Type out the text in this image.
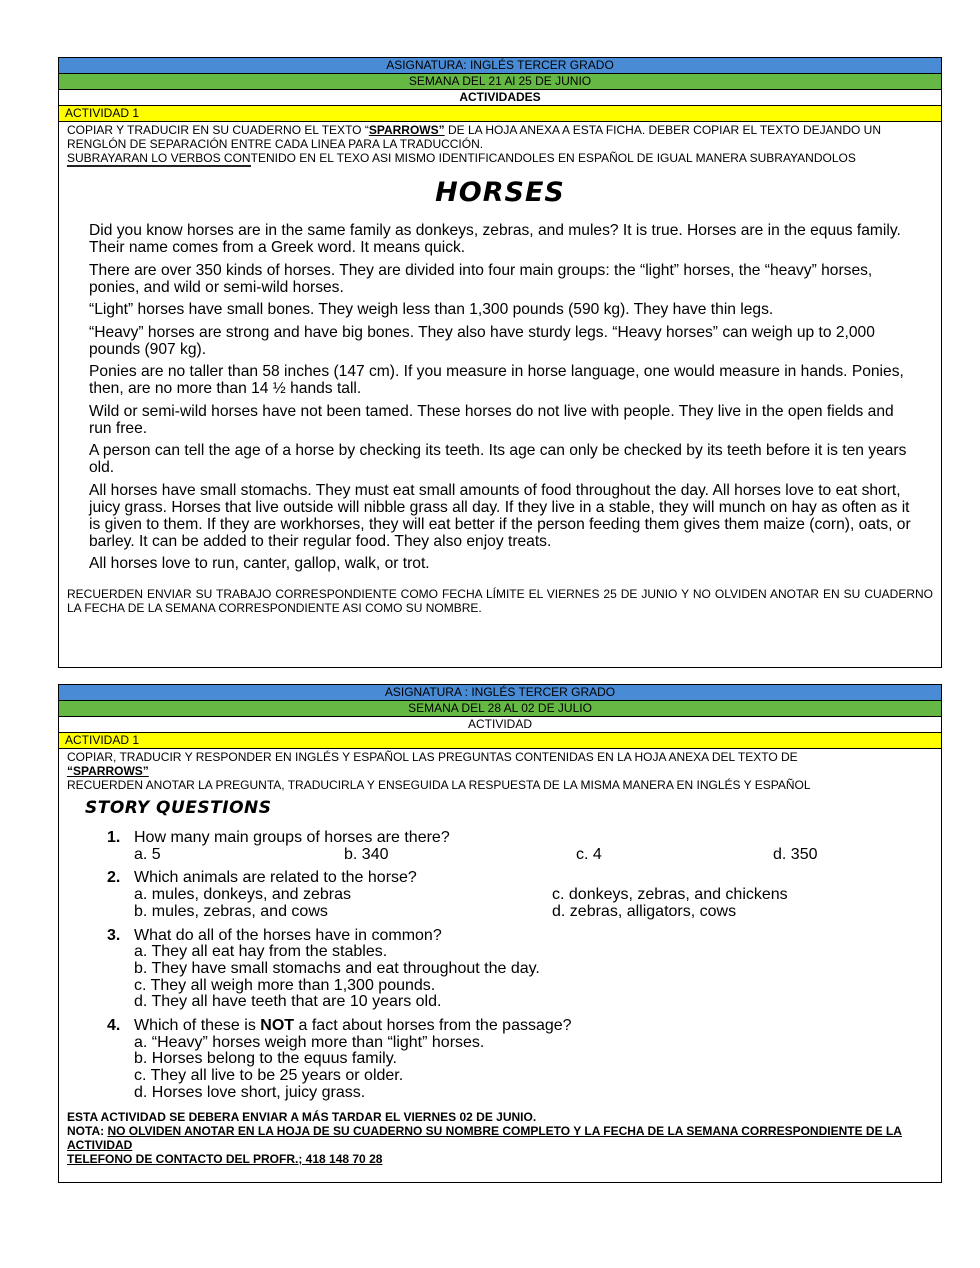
ASIGNATURA: INGLÉS TERCER GRADO
SEMANA DEL 21 Al 25 DE JUNIO
ACTIVIDADES
ACTIVIDAD 1

COPIAR Y TRADUCIR EN SU CUADERNO EL TEXTO “SPARROWS” DE LA HOJA ANEXA A ESTA FICHA. DEBER COPIAR EL TEXTO DEJANDO UN RENGLÓN DE SEPARACIÓN ENTRE CADA LINEA PARA LA TRADUCCIÓN.

SUBRAYARAN LO VERBOS CONTENIDO EN EL TEXO ASI MISMO IDENTIFICANDOLES EN ESPAÑOL DE IGUAL MANERA SUBRAYANDOLOS

HORSES

Did you know horses are in the same family as donkeys, zebras, and mules? It is true. Horses are in the equus family. Their name comes from a Greek word. It means quick.

There are over 350 kinds of horses. They are divided into four main groups: the “light” horses, the “heavy” horses, ponies, and wild or semi-wild horses.

“Light” horses have small bones. They weigh less than 1,300 pounds (590 kg). They have thin legs.

“Heavy” horses are strong and have big bones. They also have sturdy legs. “Heavy horses” can weigh up to 2,000 pounds (907 kg).

Ponies are no taller than 58 inches (147 cm). If you measure in horse language, one would measure in hands. Ponies, then, are no more than 14 ½ hands tall.

Wild or semi-wild horses have not been tamed. These horses do not live with people. They live in the open fields and run free.

A person can tell the age of a horse by checking its teeth. Its age can only be checked by its teeth before it is ten years old.

All horses have small stomachs. They must eat small amounts of food throughout the day. All horses love to eat short, juicy grass. Horses that live outside will nibble grass all day. If they live in a stable, they will munch on hay as often as it is given to them. If they are workhorses, they will eat better if the person feeding them gives them maize (corn), oats, or barley. It can be added to their regular food. They also enjoy treats.

All horses love to run, canter, gallop, walk, or trot.

RECUERDEN ENVIAR SU TRABAJO CORRESPONDIENTE COMO FECHA LÍMITE EL VIERNES 25 DE JUNIO Y NO OLVIDEN ANOTAR EN SU CUADERNO LA FECHA DE LA SEMANA CORRESPONDIENTE ASI COMO SU NOMBRE.
ASIGNATURA : INGLÉS TERCER GRADO
SEMANA DEL 28 AL 02 DE JULIO
ACTIVIDAD
ACTIVIDAD 1

COPIAR, TRADUCIR Y RESPONDER EN INGLÉS Y ESPAÑOL LAS PREGUNTAS CONTENIDAS EN LA HOJA ANEXA DEL TEXTO DE

“SPARROWS”

RECUERDEN ANOTAR LA PREGUNTA, TRADUCIRLA Y ENSEGUIDA LA RESPUESTA DE LA MISMA MANERA EN INGLÉS Y ESPAÑOL

STORY QUESTIONS
1. How many main groups of horses are there?
a. 5	b. 340	c. 4	d. 350
2. Which animals are related to the horse?
a. mules, donkeys, and zebras	c. donkeys, zebras, and chickens
b. mules, zebras, and cows	d. zebras, alligators, cows
3. What do all of the horses have in common?
a. They all eat hay from the stables.
b. They have small stomachs and eat throughout the day.
c. They all weigh more than 1,300 pounds.
d. They all have teeth that are 10 years old.
4. Which of these is NOT a fact about horses from the passage?
a. “Heavy” horses weigh more than “light” horses.
b. Horses belong to the equus family.
c. They all live to be 25 years or older.
d. Horses love short, juicy grass.

ESTA ACTIVIDAD SE DEBERA ENVIAR A MÁS TARDAR EL VIERNES 02 DE JUNIO.

NOTA: NO OLVIDEN ANOTAR EN LA HOJA DE SU CUADERNO SU NOMBRE COMPLETO Y LA FECHA DE LA SEMANA CORRESPONDIENTE DE LA ACTIVIDAD

TELEFONO DE CONTACTO DEL PROFR.; 418 148 70 28
